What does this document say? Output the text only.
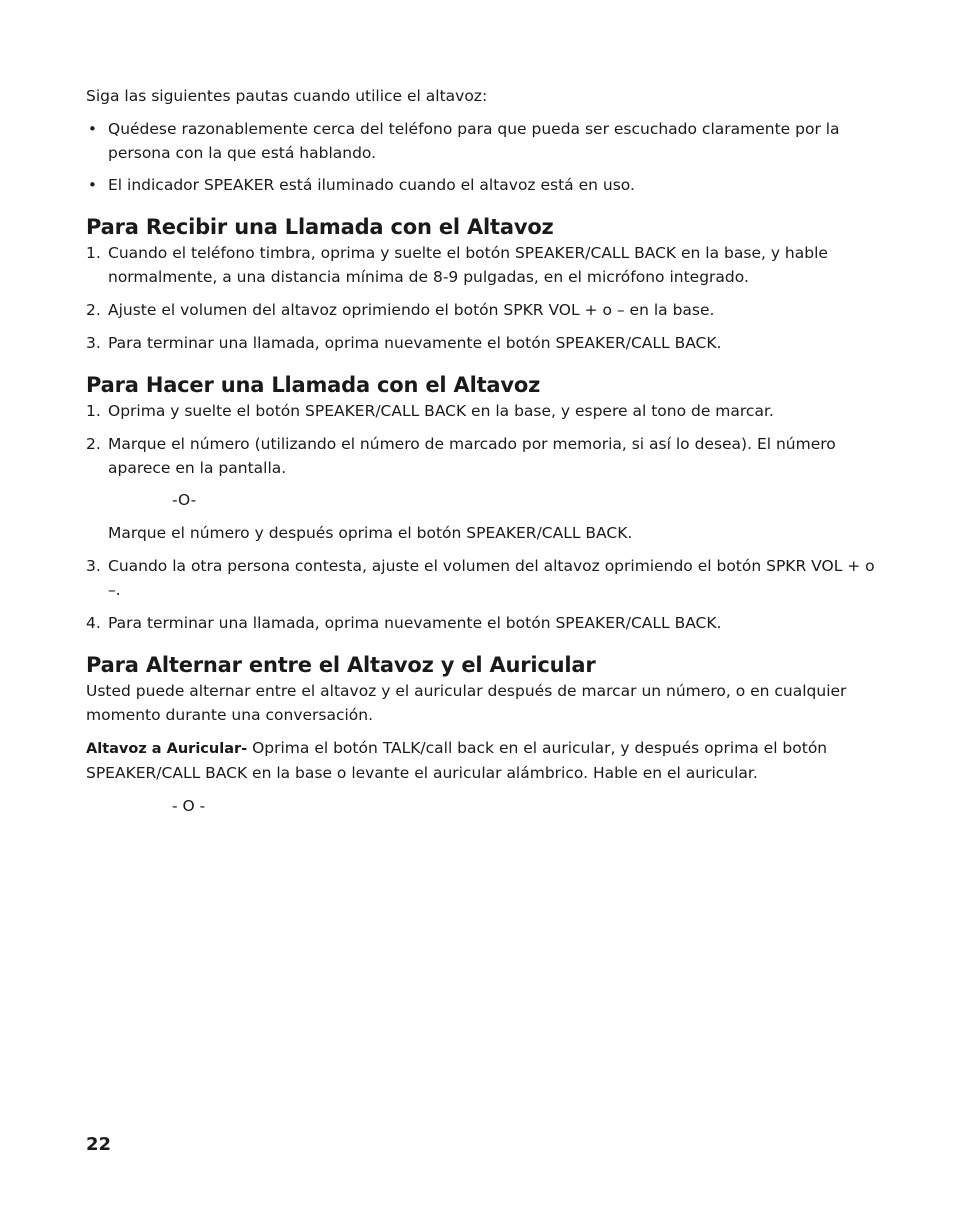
Siga las siguientes pautas cuando utilice el altavoz:

• Quédese razonablemente cerca del teléfono para que pueda ser escuchado claramente por la persona con la que está hablando.
• El indicador SPEAKER está iluminado cuando el altavoz está en uso.
Para Recibir una Llamada con el Altavoz
1. Cuando el teléfono timbra, oprima y suelte el botón SPEAKER/CALL BACK en la base, y hable normalmente, a una distancia mínima de 8-9 pulgadas, en el micrófono integrado.
2. Ajuste el volumen del altavoz oprimiendo el botón SPKR VOL + o – en la base.
3. Para terminar una llamada, oprima nuevamente el botón SPEAKER/CALL BACK.
Para Hacer una Llamada con el Altavoz
1. Oprima y suelte el botón SPEAKER/CALL BACK en la base, y espere al tono de marcar.
2. Marque el número (utilizando el número de marcado por memoria, si así lo desea). El número aparece en la pantalla.

-O-

Marque el número y después oprima el botón SPEAKER/CALL BACK.

3. Cuando la otra persona contesta, ajuste el volumen del altavoz oprimiendo el botón SPKR VOL + o –.
4. Para terminar una llamada, oprima nuevamente el botón SPEAKER/CALL BACK.
Para Alternar entre el Altavoz y el Auricular

Usted puede alternar entre el altavoz y el auricular después de marcar un número, o en cualquier momento durante una conversación.

Altavoz a Auricular- Oprima el botón TALK/call back en el auricular, y después oprima el botón SPEAKER/CALL BACK en la base o levante el auricular alámbrico. Hable en el auricular.

- O -

22
